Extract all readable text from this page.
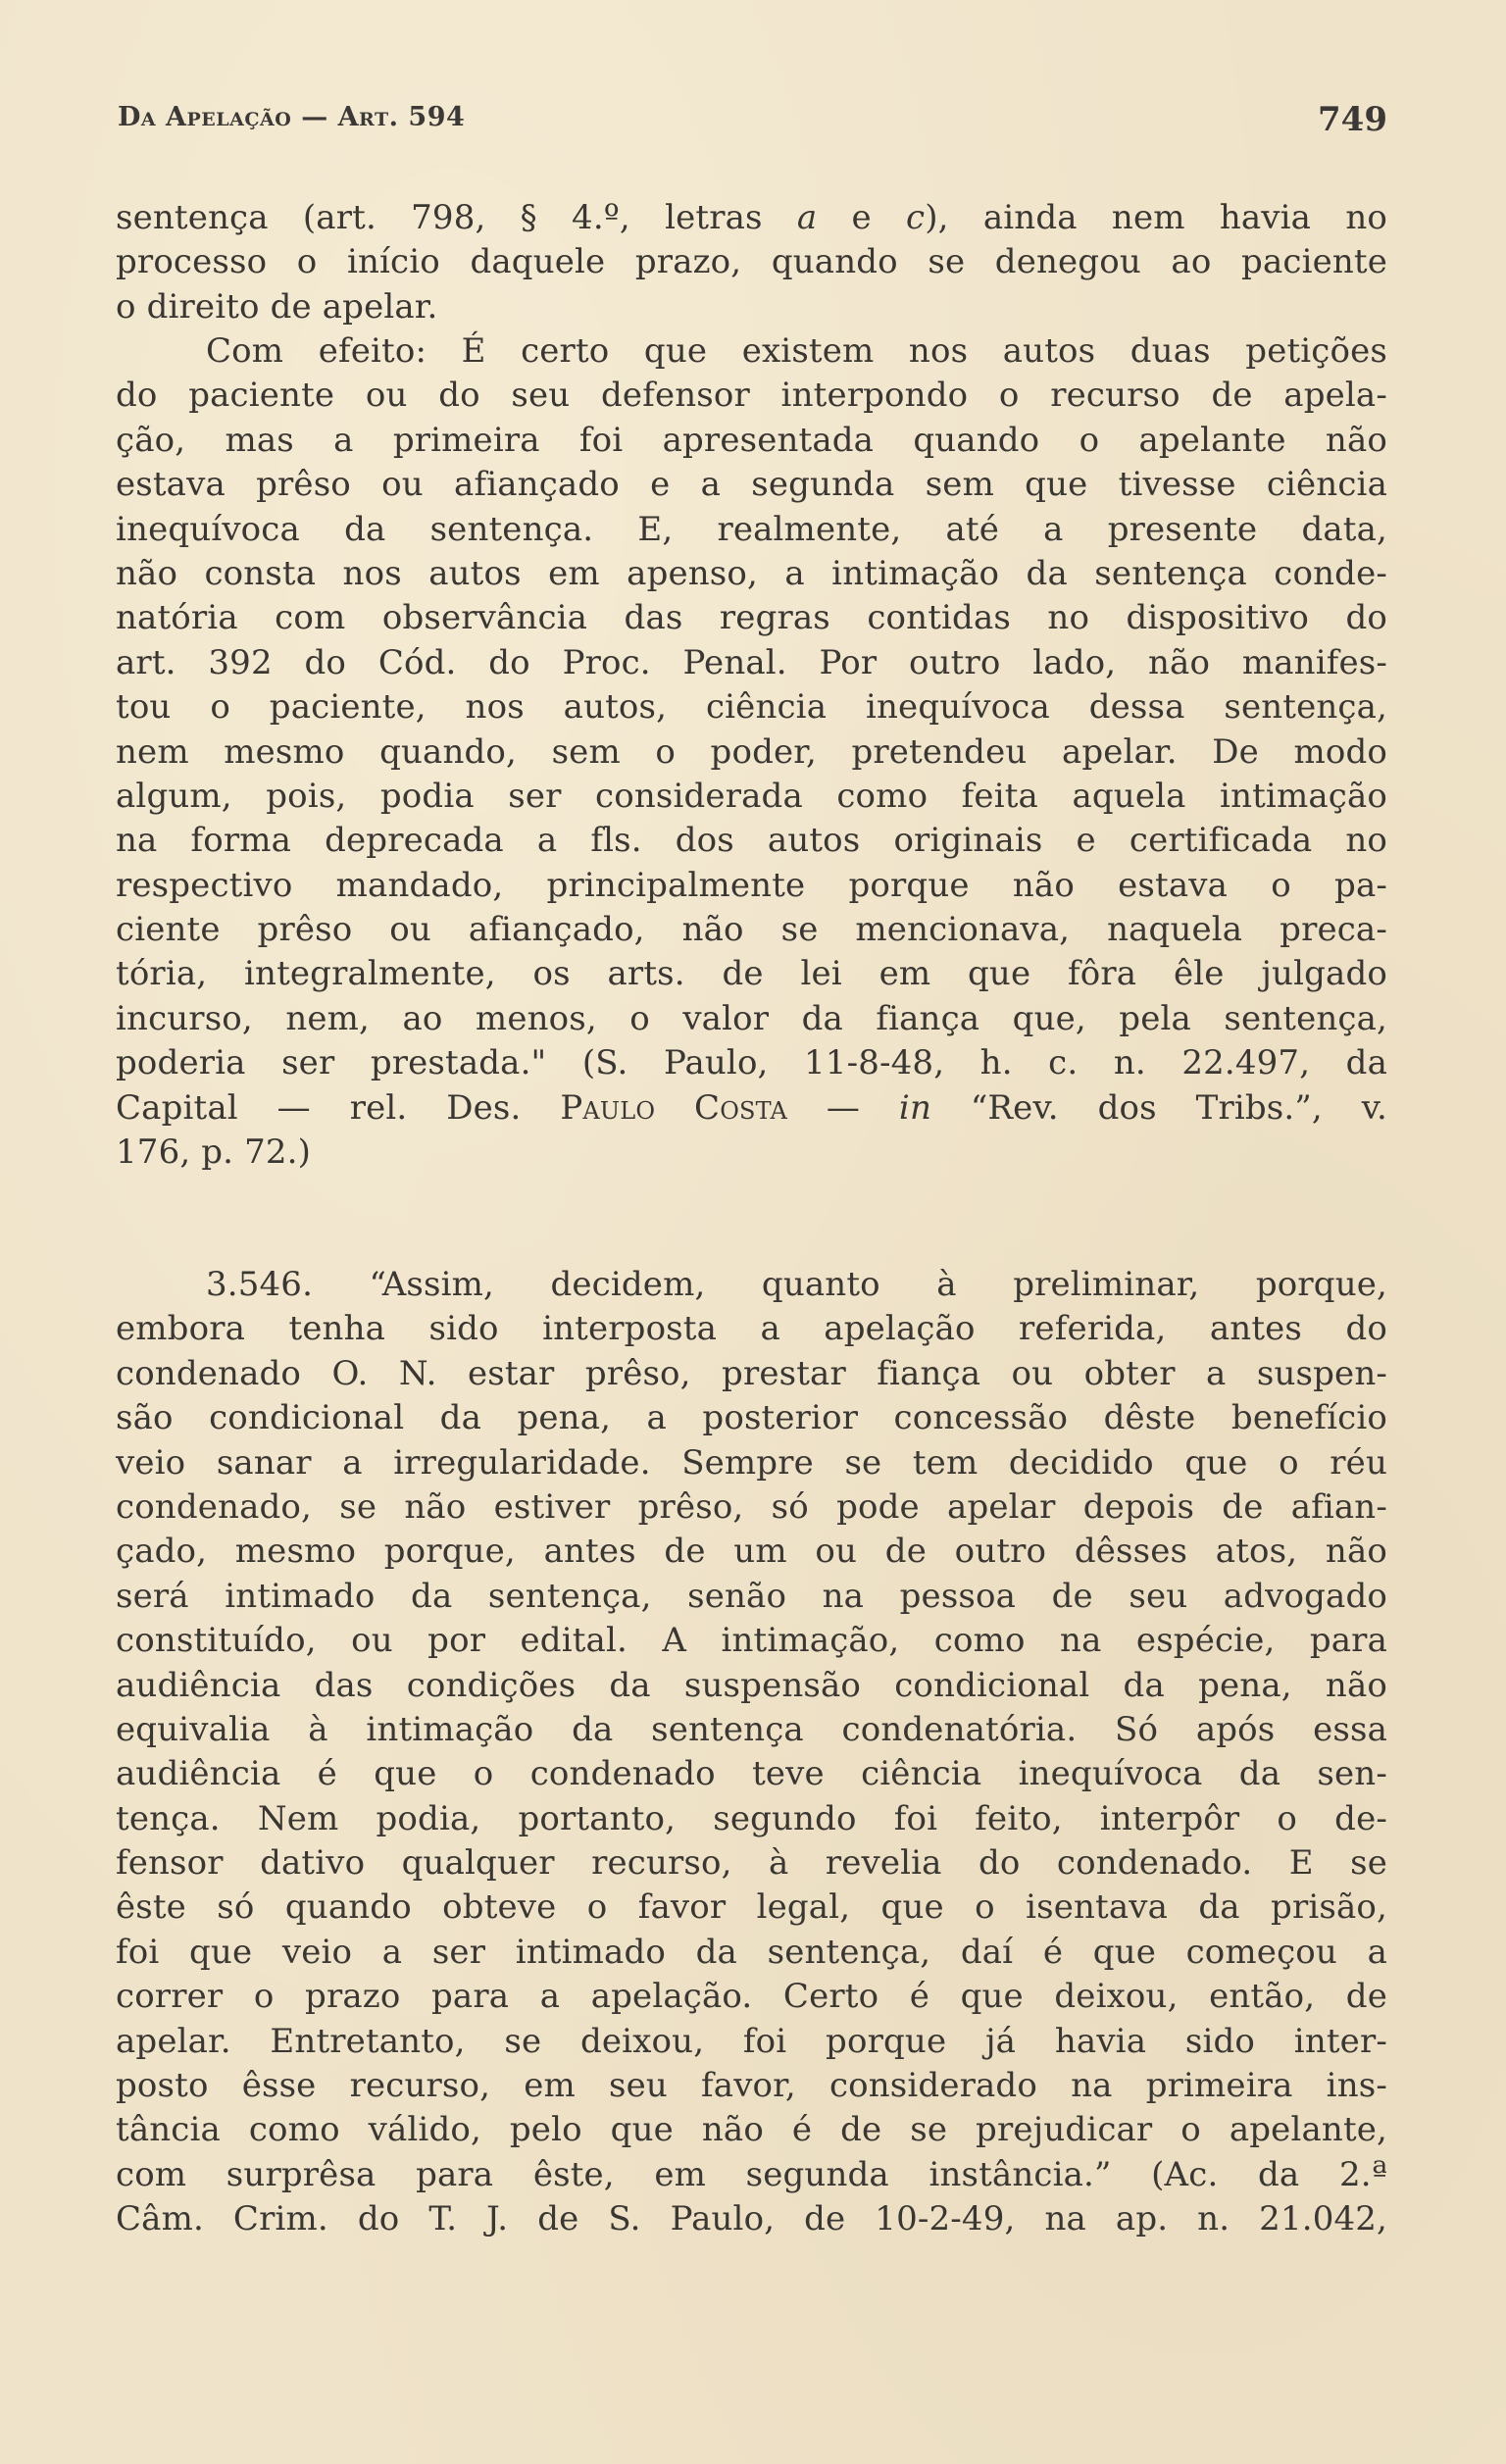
Da Apelação — Art. 594	749
sentença (art. 798, § 4.º, letras a e c), ainda nem havia no
processo o início daquele prazo, quando se denegou ao paciente
o direito de apelar.
Com efeito: É certo que existem nos autos duas petições
do paciente ou do seu defensor interpondo o recurso de apela-
ção, mas a primeira foi apresentada quando o apelante não
estava prêso ou afiançado e a segunda sem que tivesse ciência
inequívoca da sentença. E, realmente, até a presente data,
não consta nos autos em apenso, a intimação da sentença conde-
natória com observância das regras contidas no dispositivo do
art. 392 do Cód. do Proc. Penal. Por outro lado, não manifes-
tou o paciente, nos autos, ciência inequívoca dessa sentença,
nem mesmo quando, sem o poder, pretendeu apelar. De modo
algum, pois, podia ser considerada como feita aquela intimação
na forma deprecada a fls. dos autos originais e certificada no
respectivo mandado, principalmente porque não estava o pa-
ciente prêso ou afiançado, não se mencionava, naquela preca-
tória, integralmente, os arts. de lei em que fôra êle julgado
incurso, nem, ao menos, o valor da fiança que, pela sentença,
poderia ser prestada." (S. Paulo, 11-8-48, h. c. n. 22.497, da
Capital — rel. Des. Paulo Costa — in “Rev. dos Tribs.”, v.
176, p. 72.)
3.546. “Assim, decidem, quanto à preliminar, porque,
embora tenha sido interposta a apelação referida, antes do
condenado O. N. estar prêso, prestar fiança ou obter a suspen-
são condicional da pena, a posterior concessão dêste benefício
veio sanar a irregularidade. Sempre se tem decidido que o réu
condenado, se não estiver prêso, só pode apelar depois de afian-
çado, mesmo porque, antes de um ou de outro dêsses atos, não
será intimado da sentença, senão na pessoa de seu advogado
constituído, ou por edital. A intimação, como na espécie, para
audiência das condições da suspensão condicional da pena, não
equivalia à intimação da sentença condenatória. Só após essa
audiência é que o condenado teve ciência inequívoca da sen-
tença. Nem podia, portanto, segundo foi feito, interpôr o de-
fensor dativo qualquer recurso, à revelia do condenado. E se
êste só quando obteve o favor legal, que o isentava da prisão,
foi que veio a ser intimado da sentença, daí é que começou a
correr o prazo para a apelação. Certo é que deixou, então, de
apelar. Entretanto, se deixou, foi porque já havia sido inter-
posto êsse recurso, em seu favor, considerado na primeira ins-
tância como válido, pelo que não é de se prejudicar o apelante,
com surprêsa para êste, em segunda instância.” (Ac. da 2.ª
Câm. Crim. do T. J. de S. Paulo, de 10-2-49, na ap. n. 21.042,
